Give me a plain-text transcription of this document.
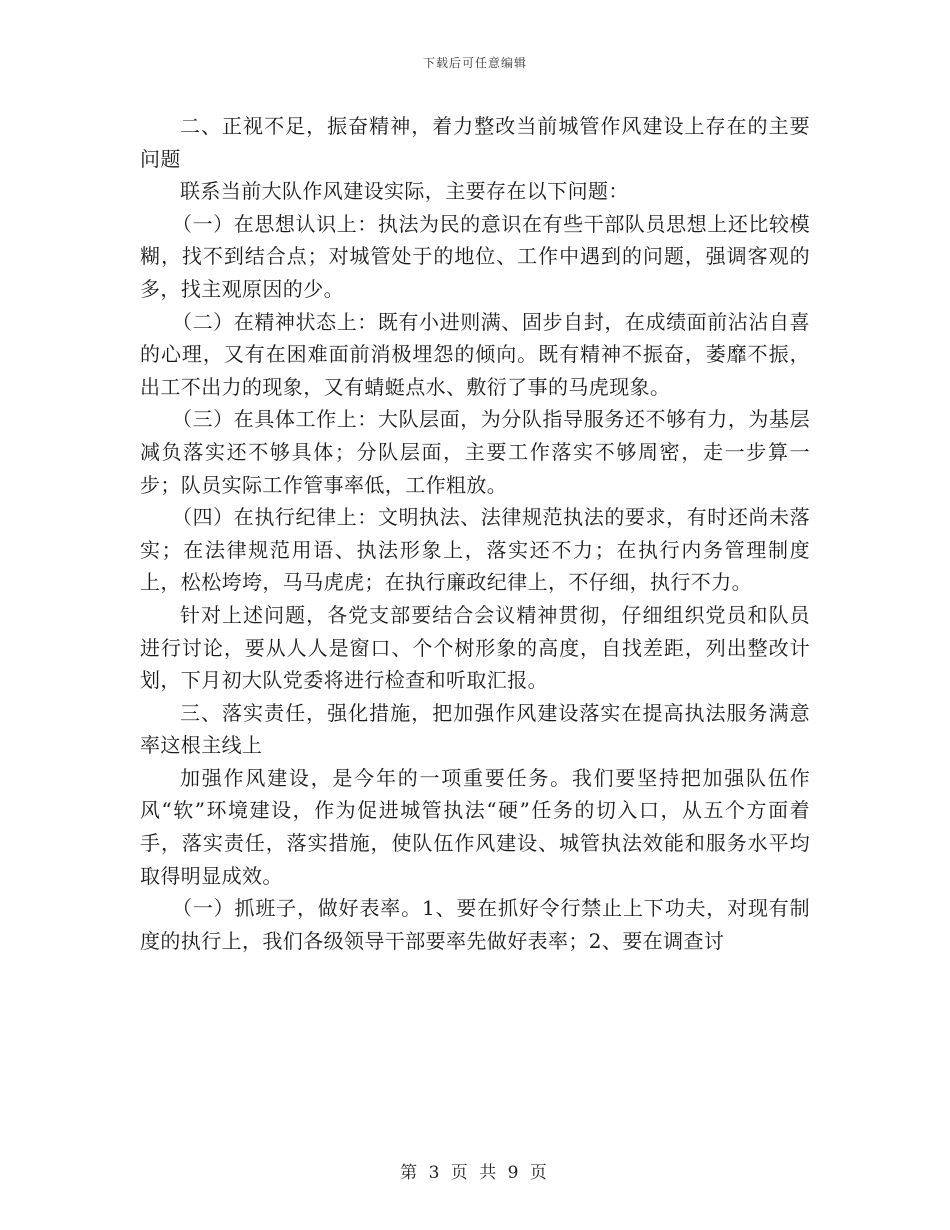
下载后可任意编辑

二、正视不足，振奋精神，着力整改当前城管作风建设上存在的主要问题

联系当前大队作风建设实际，主要存在以下问题：

（一）在思想认识上：执法为民的意识在有些干部队员思想上还比较模糊，找不到结合点；对城管处于的地位、工作中遇到的问题，强调客观的多，找主观原因的少。

（二）在精神状态上：既有小进则满、固步自封，在成绩面前沾沾自喜的心理，又有在困难面前消极埋怨的倾向。既有精神不振奋，萎靡不振，出工不出力的现象，又有蜻蜓点水、敷衍了事的马虎现象。

（三）在具体工作上：大队层面，为分队指导服务还不够有力，为基层减负落实还不够具体；分队层面，主要工作落实不够周密，走一步算一步；队员实际工作管事率低，工作粗放。

（四）在执行纪律上：文明执法、法律规范执法的要求，有时还尚未落实；在法律规范用语、执法形象上，落实还不力；在执行内务管理制度上，松松垮垮，马马虎虎；在执行廉政纪律上，不仔细，执行不力。

针对上述问题，各党支部要结合会议精神贯彻，仔细组织党员和队员进行讨论，要从人人是窗口、个个树形象的高度，自找差距，列出整改计划，下月初大队党委将进行检查和听取汇报。

三、落实责任，强化措施，把加强作风建设落实在提高执法服务满意率这根主线上

加强作风建设，是今年的一项重要任务。我们要坚持把加强队伍作风“软”环境建设，作为促进城管执法“硬”任务的切入口，从五个方面着手，落实责任，落实措施，使队伍作风建设、城管执法效能和服务水平均取得明显成效。

（一）抓班子，做好表率。1、要在抓好令行禁止上下功夫，对现有制度的执行上，我们各级领导干部要率先做好表率；2、要在调查讨

第 3 页 共 9 页
